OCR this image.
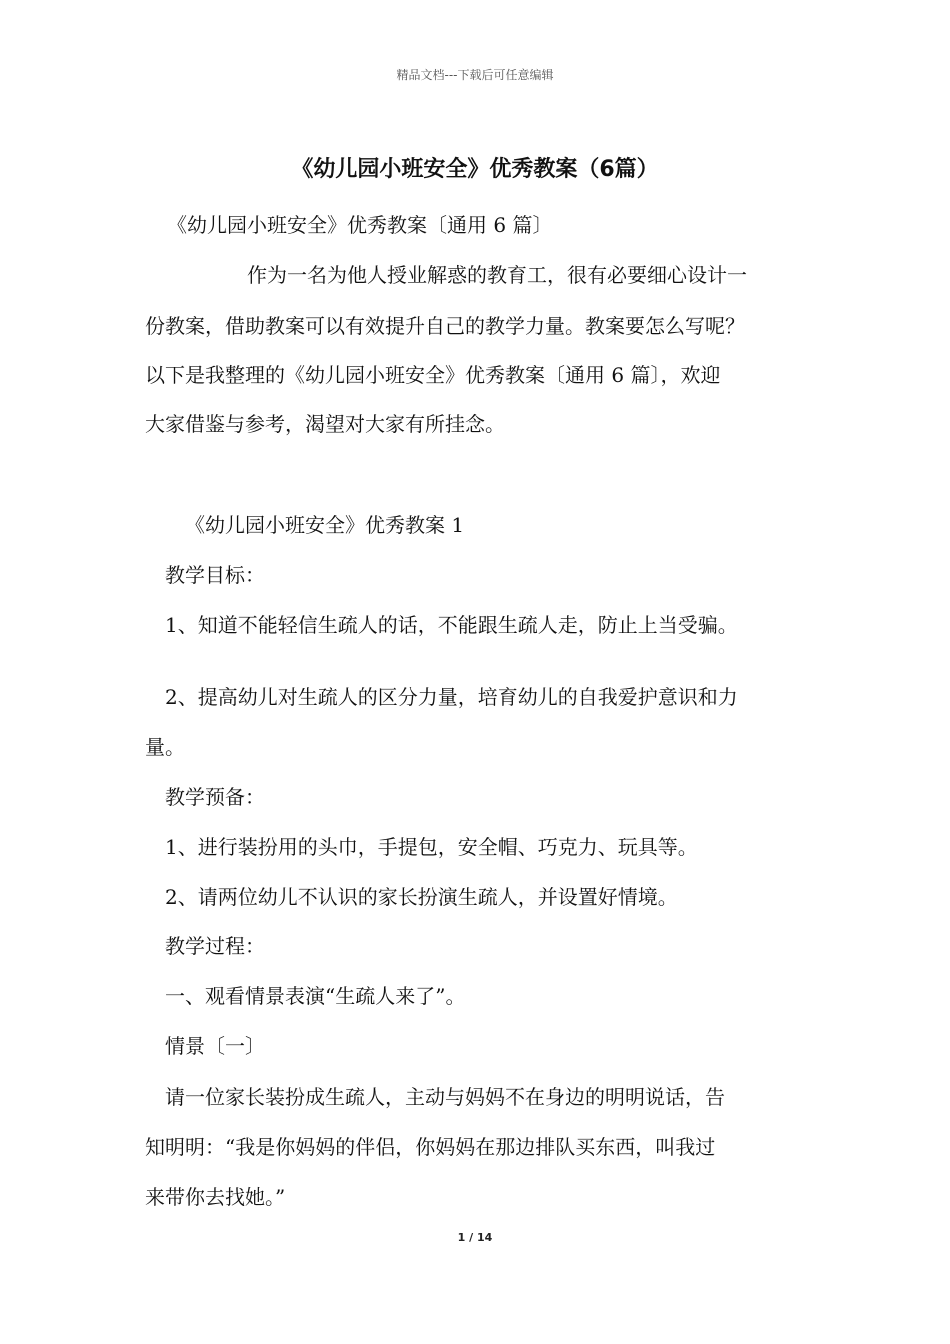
精品文档---下载后可任意编辑
《幼儿园小班安全》优秀教案（6篇）
《幼儿园小班安全》优秀教案〔通用 6 篇〕
作为一名为他人授业解惑的教育工，很有必要细心设计一
份教案，借助教案可以有效提升自己的教学力量。教案要怎么写呢？
以下是我整理的《幼儿园小班安全》优秀教案〔通用 6 篇〕，欢迎
大家借鉴与参考，渴望对大家有所挂念。
《幼儿园小班安全》优秀教案 1
教学目标：
1、知道不能轻信生疏人的话，不能跟生疏人走，防止上当受骗。
2、提高幼儿对生疏人的区分力量，培育幼儿的自我爱护意识和力
量。
教学预备：
1、进行装扮用的头巾，手提包，安全帽、巧克力、玩具等。
2、请两位幼儿不认识的家长扮演生疏人，并设置好情境。
教学过程：
一、观看情景表演“生疏人来了”。
情景〔一〕
请一位家长装扮成生疏人，主动与妈妈不在身边的明明说话，告
知明明：“我是你妈妈的伴侣，你妈妈在那边排队买东西，叫我过
来带你去找她。”
1 / 14
